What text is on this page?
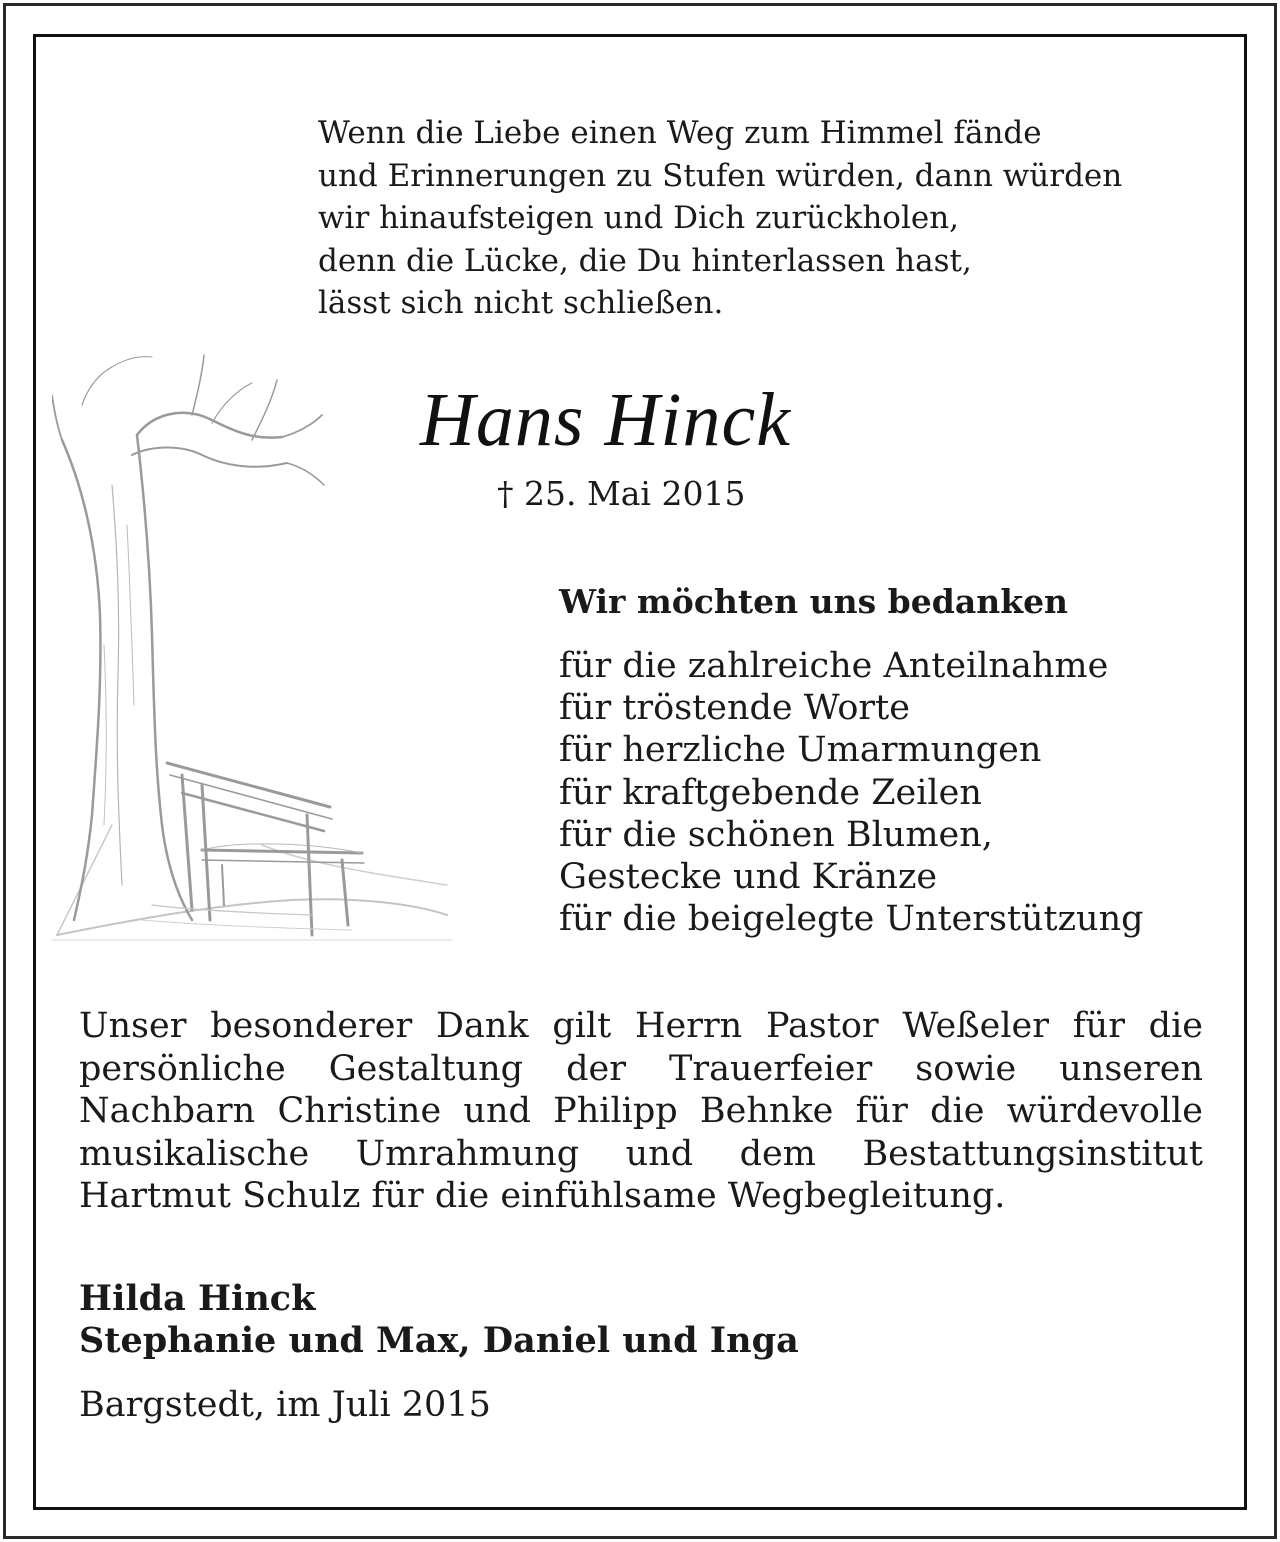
Wenn die Liebe einen Weg zum Himmel fände
und Erinnerungen zu Stufen würden, dann würden
wir hinaufsteigen und Dich zurückholen,
denn die Lücke, die Du hinterlassen hast,
lässt sich nicht schließen.
Hans Hinck
† 25. Mai 2015
Wir möchten uns bedanken
für die zahlreiche Anteilnahme
für tröstende Worte
für herzliche Umarmungen
für kraftgebende Zeilen
für die schönen Blumen,
Gestecke und Kränze
für die beigelegte Unterstützung

Unser besonderer Dank gilt Herrn Pastor Weßeler für die persönliche Gestaltung der Trauerfeier sowie unseren Nachbarn Christine und Philipp Behnke für die würdevolle musikalische Umrahmung und dem Bestattungsinstitut Hartmut Schulz für die einfühlsame Wegbegleitung.

Hilda Hinck
Stephanie und Max, Daniel und Inga
Bargstedt, im Juli 2015
